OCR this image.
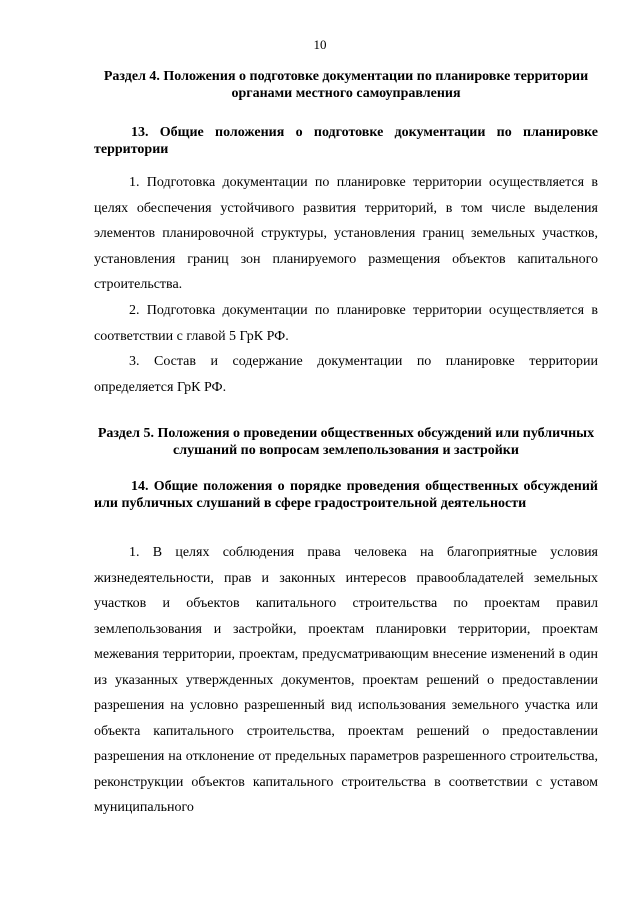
10
Раздел 4. Положения о подготовке документации по планировке территории органами местного самоуправления
13. Общие положения о подготовке документации по планировке территории

1. Подготовка документации по планировке территории осуществляется в целях обеспечения устойчивого развития территорий, в том числе выделения элементов планировочной структуры, установления границ земельных участков, установления границ зон планируемого размещения объектов капитального строительства.

2. Подготовка документации по планировке территории осуществляется в соответствии с главой 5 ГрК РФ.

3. Состав и содержание документации по планировке территории определяется ГрК РФ.

Раздел 5. Положения о проведении общественных обсуждений или публичных слушаний по вопросам землепользования и застройки
14. Общие положения о порядке проведения общественных обсуждений или публичных слушаний в сфере градостроительной деятельности

1. В целях соблюдения права человека на благоприятные условия жизнедеятельности, прав и законных интересов правообладателей земельных участков и объектов капитального строительства по проектам правил землепользования и застройки, проектам планировки территории, проектам межевания территории, проектам, предусматривающим внесение изменений в один из указанных утвержденных документов, проектам решений о предоставлении разрешения на условно разрешенный вид использования земельного участка или объекта капитального строительства, проектам решений о предоставлении разрешения на отклонение от предельных параметров разрешенного строительства, реконструкции объектов капитального строительства в соответствии с уставом муниципального
